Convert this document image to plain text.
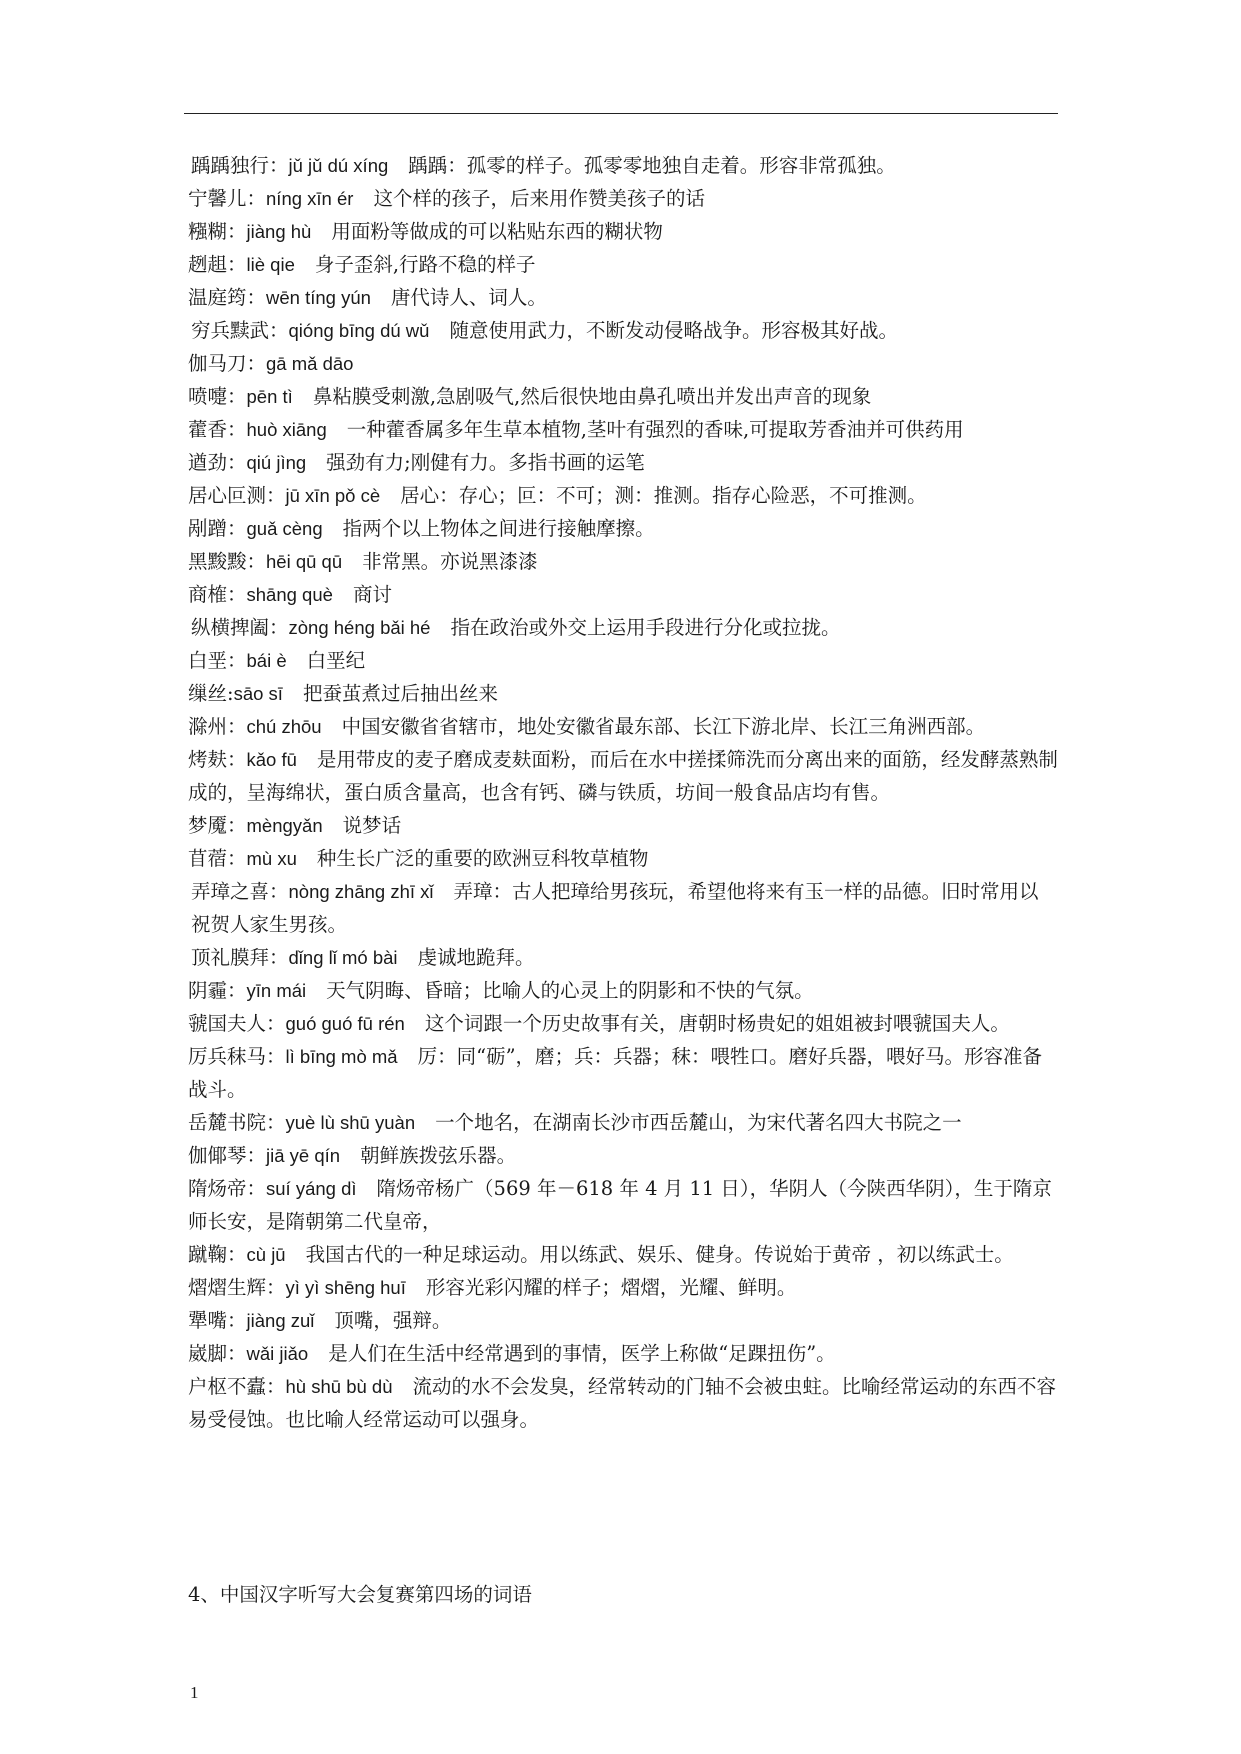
踽踽独行：jǔ jǔ dú xíng 踽踽：孤零的样子。孤零零地独自走着。形容非常孤独。

宁馨儿：níng xīn ér 这个样的孩子，后来用作赞美孩子的话

糨糊：jiàng hù 用面粉等做成的可以粘贴东西的糊状物

趔趄：liè qie 身子歪斜,行路不稳的样子

温庭筠：wēn tíng yún 唐代诗人、词人。

穷兵黩武：qióng bīng dú wǔ 随意使用武力，不断发动侵略战争。形容极其好战。

伽马刀：gā mǎ dāo

喷嚏：pēn tì 鼻粘膜受刺激,急剧吸气,然后很快地由鼻孔喷出并发出声音的现象

藿香：huò xiāng 一种藿香属多年生草本植物,茎叶有强烈的香味,可提取芳香油并可供药用

遒劲：qiú jìng 强劲有力;刚健有力。多指书画的运笔

居心叵测：jū xīn pǒ cè 居心：存心；叵：不可；测：推测。指存心险恶，不可推测。

剐蹭：guǎ cèng 指两个以上物体之间进行接触摩擦。

黑黢黢：hēi qū qū 非常黑。亦说黑漆漆

商榷：shāng què 商讨

纵横捭阖：zòng héng bǎi hé 指在政治或外交上运用手段进行分化或拉拢。

白垩：bái è 白垩纪

缫丝:sāo sī 把蚕茧煮过后抽出丝来

滁州：chú zhōu 中国安徽省省辖市，地处安徽省最东部、长江下游北岸、长江三角洲西部。

烤麸：kǎo fū 是用带皮的麦子磨成麦麸面粉，而后在水中搓揉筛洗而分离出来的面筋，经发酵蒸熟制成的，呈海绵状，蛋白质含量高，也含有钙、磷与铁质，坊间一般食品店均有售。

梦魇：mèngyǎn 说梦话

苜蓿：mù xu 种生长广泛的重要的欧洲豆科牧草植物

弄璋之喜：nòng zhāng zhī xǐ 弄璋：古人把璋给男孩玩，希望他将来有玉一样的品德。旧时常用以祝贺人家生男孩。

顶礼膜拜：dǐng lǐ mó bài 虔诚地跪拜。

阴霾：yīn mái 天气阴晦、昏暗；比喻人的心灵上的阴影和不快的气氛。

虢国夫人：guó guó fū rén 这个词跟一个历史故事有关，唐朝时杨贵妃的姐姐被封喂虢国夫人。

厉兵秣马：lì bīng mò mǎ 厉：同“砺”，磨；兵：兵器；秣：喂牲口。磨好兵器，喂好马。形容准备战斗。

岳麓书院：yuè lù shū yuàn 一个地名，在湖南长沙市西岳麓山，为宋代著名四大书院之一

伽倻琴：jiā yē qín 朝鲜族拨弦乐器。

隋炀帝：suí yáng dì 隋炀帝杨广（569 年－618 年 4 月 11 日），华阴人（今陕西华阴），生于隋京师长安，是隋朝第二代皇帝，

蹴鞠：cù jū 我国古代的一种足球运动。用以练武、娱乐、健身。传说始于黄帝 ，初以练武士。

熠熠生辉：yì yì shēng huī 形容光彩闪耀的样子；熠熠，光耀、鲜明。

犟嘴：jiàng zuǐ 顶嘴，强辩。

崴脚：wǎi jiǎo 是人们在生活中经常遇到的事情，医学上称做“足踝扭伤”。

户枢不蠹：hù shū bù dù 流动的水不会发臭，经常转动的门轴不会被虫蛀。比喻经常运动的东西不容易受侵蚀。也比喻人经常运动可以强身。

4、中国汉字听写大会复赛第四场的词语

1
